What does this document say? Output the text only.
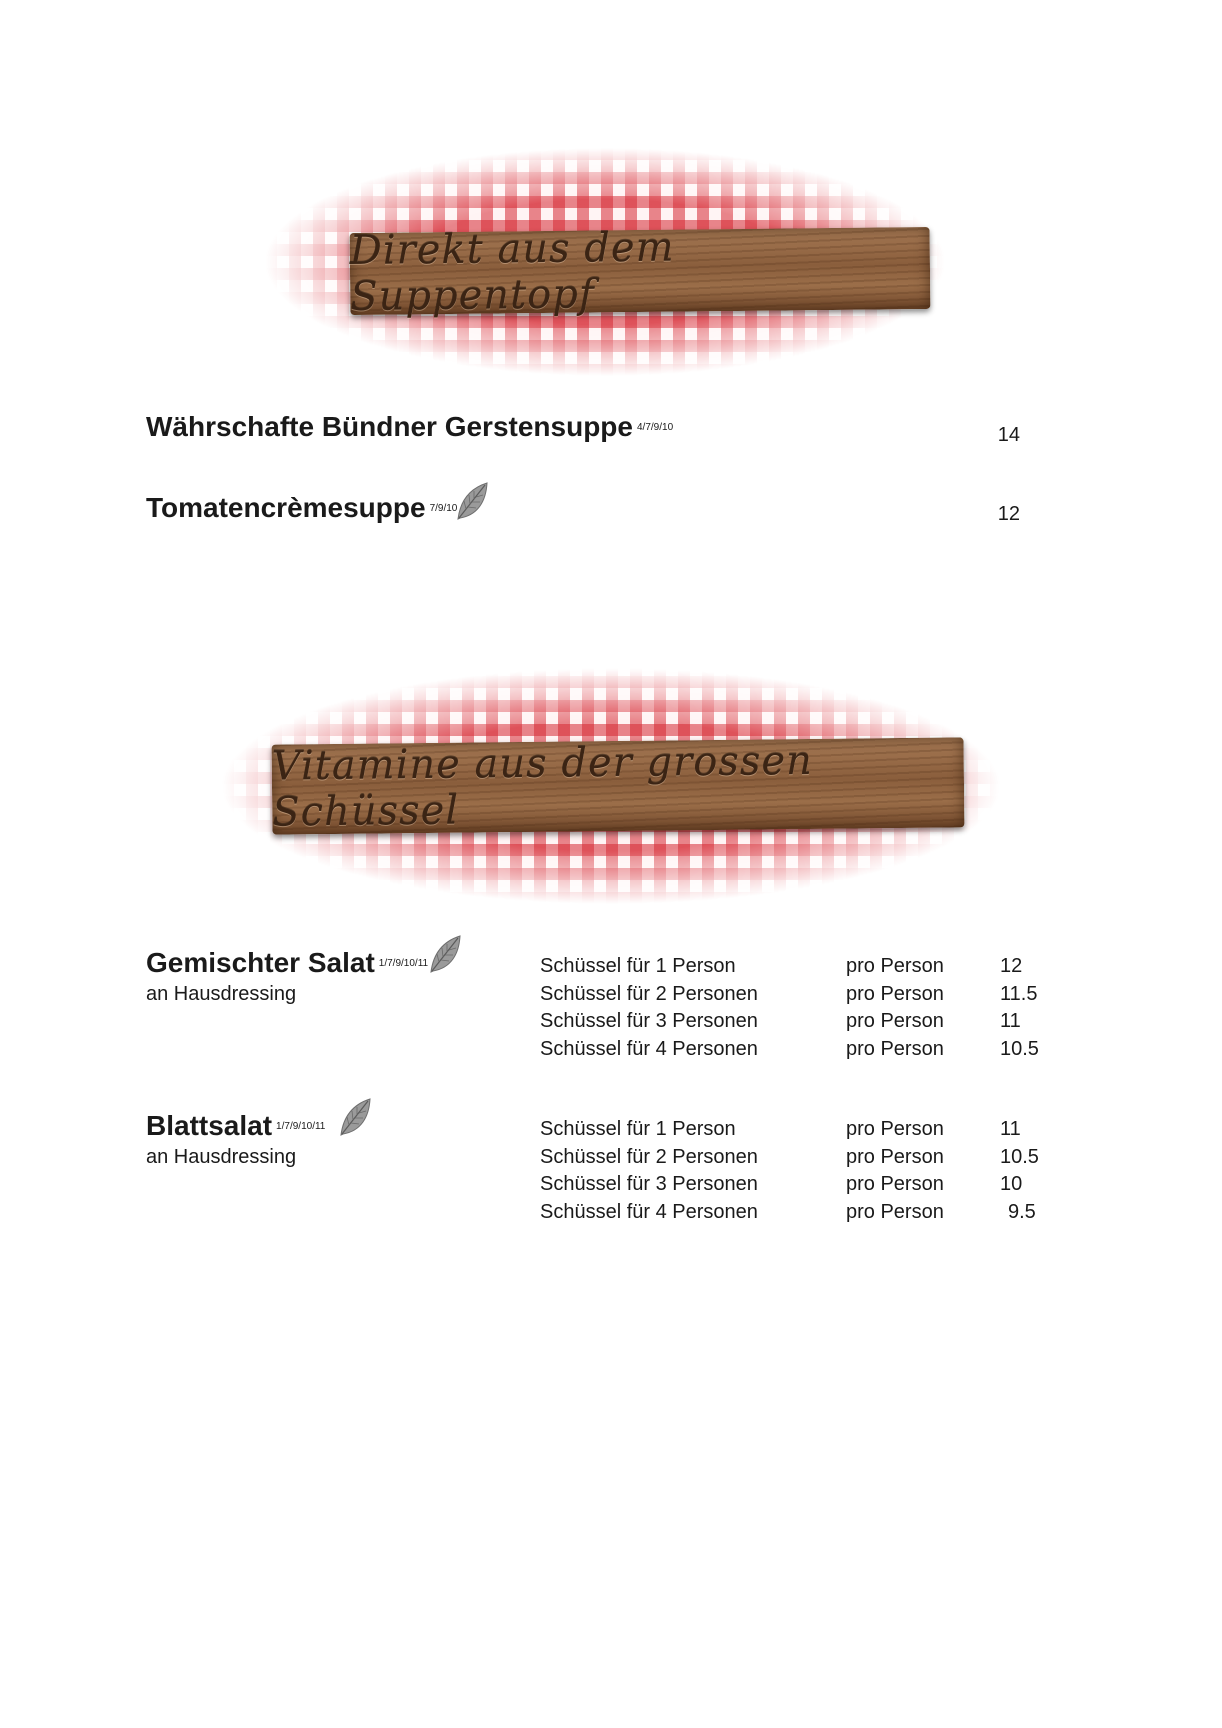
Direkt aus dem Suppentopf
Währschafte Bündner Gerstensuppe $^{4/7/9/10}$	14
Tomatencrèmesuppe $^{7/9/10}$	12
Vitamine aus der grossen Schüssel
Gemischter Salat $^{1/7/9/10/11}$
an Hausdressing
Schüssel für 1 Person	pro Person	12
Schüssel für 2 Personen	pro Person	11.5
Schüssel für 3 Personen	pro Person	11
Schüssel für 4 Personen	pro Person	10.5
Blattsalat $^{1/7/9/10/11}$
an Hausdressing
Schüssel für 1 Person	pro Person	11
Schüssel für 2 Personen	pro Person	10.5
Schüssel für 3 Personen	pro Person	10
Schüssel für 4 Personen	pro Person	9.5
